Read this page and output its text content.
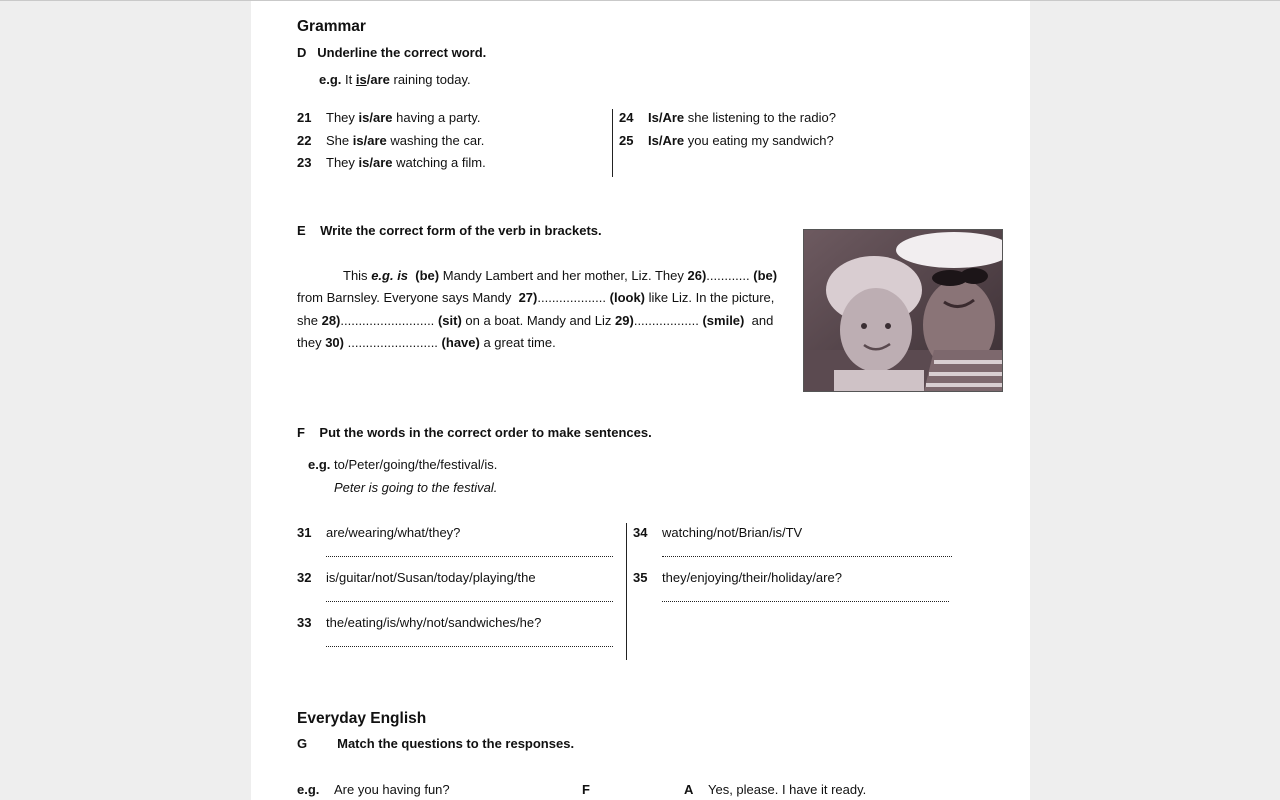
Grammar
D Underline the correct word.
e.g. It is/are raining today.
21 They is/are having a party.
22 She is/are washing the car.
23 They is/are watching a film.
24 Is/Are she listening to the radio?
25 Is/Are you eating my sandwich?
E Write the correct form of the verb in brackets.
This e.g. is (be) Mandy Lambert and her mother, Liz. They 26)............ (be)
from Barnsley. Everyone says Mandy 27)................... (look) like Liz. In the picture,
she 28).......................... (sit) on a boat. Mandy and Liz 29).................. (smile) and
they 30) ......................... (have) a great time.
F Put the words in the correct order to make sentences.
e.g. to/Peter/going/the/festival/is.
Peter is going to the festival.
31 are/wearing/what/they?
32 is/guitar/not/Susan/today/playing/the
33 the/eating/is/why/not/sandwiches/he?
34 watching/not/Brian/is/TV
35 they/enjoying/their/holiday/are?
Everyday English
G Match the questions to the responses.
e.g. Are you having fun?	F	A Yes, please. I have it ready.
